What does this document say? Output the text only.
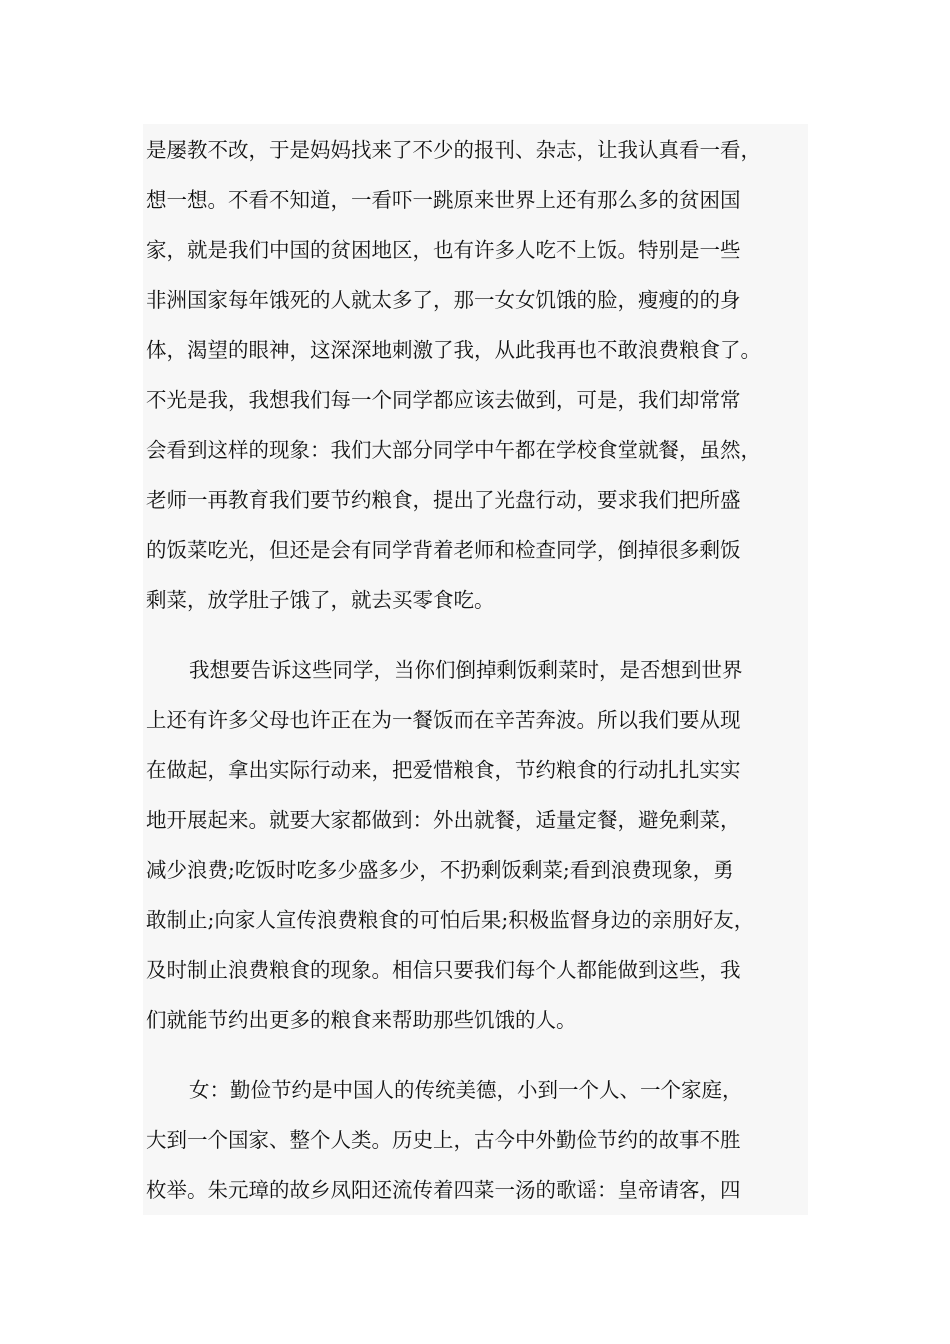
是屡教不改，于是妈妈找来了不少的报刊、杂志，让我认真看一看，
想一想。不看不知道，一看吓一跳原来世界上还有那么多的贫困国
家，就是我们中国的贫困地区，也有许多人吃不上饭。特别是一些
非洲国家每年饿死的人就太多了，那一女女饥饿的脸，瘦瘦的的身
体，渴望的眼神，这深深地刺激了我，从此我再也不敢浪费粮食了。
不光是我，我想我们每一个同学都应该去做到，可是，我们却常常
会看到这样的现象：我们大部分同学中午都在学校食堂就餐，虽然，
老师一再教育我们要节约粮食，提出了光盘行动，要求我们把所盛
的饭菜吃光，但还是会有同学背着老师和检查同学，倒掉很多剩饭
剩菜，放学肚子饿了，就去买零食吃。
我想要告诉这些同学，当你们倒掉剩饭剩菜时，是否想到世界
上还有许多父母也许正在为一餐饭而在辛苦奔波。所以我们要从现
在做起，拿出实际行动来，把爱惜粮食，节约粮食的行动扎扎实实
地开展起来。就要大家都做到：外出就餐，适量定餐，避免剩菜，
减少浪费;吃饭时吃多少盛多少，不扔剩饭剩菜;看到浪费现象，勇
敢制止;向家人宣传浪费粮食的可怕后果;积极监督身边的亲朋好友，
及时制止浪费粮食的现象。相信只要我们每个人都能做到这些，我
们就能节约出更多的粮食来帮助那些饥饿的人。
女：勤俭节约是中国人的传统美德，小到一个人、一个家庭，
大到一个国家、整个人类。历史上，古今中外勤俭节约的故事不胜
枚举。朱元璋的故乡凤阳还流传着四菜一汤的歌谣：皇帝请客，四
